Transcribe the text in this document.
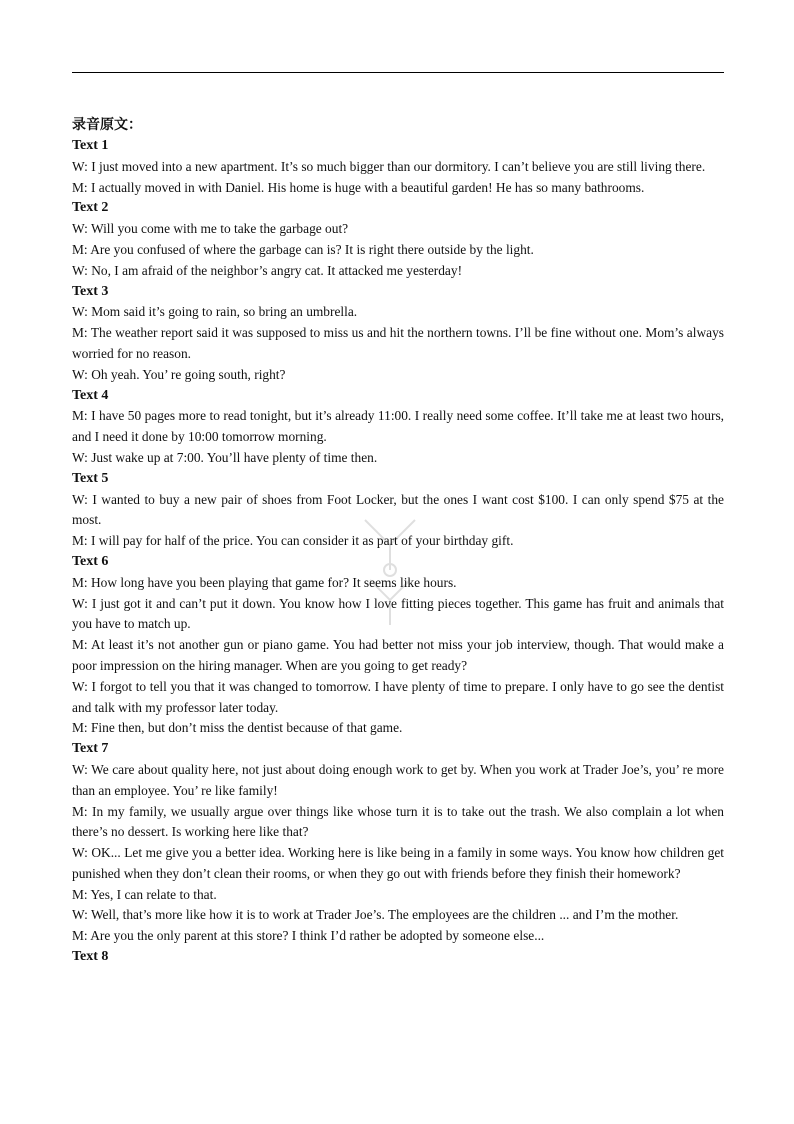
录音原文：

Text 1

W: I just moved into a new apartment. It’s so much bigger than our dormitory. I can’t believe you are still living there.

M: I actually moved in with Daniel. His home is huge with a beautiful garden! He has so many bathrooms.

Text 2

W: Will you come with me to take the garbage out?

M: Are you confused of where the garbage can is? It is right there outside by the light.

W: No, I am afraid of the neighbor’s angry cat. It attacked me yesterday!

Text 3

W: Mom said it’s going to rain, so bring an umbrella.

M: The weather report said it was supposed to miss us and hit the northern towns. I’ll be fine without one. Mom’s always worried for no reason.

W: Oh yeah. You’ re going south, right?

Text 4

M: I have 50 pages more to read tonight, but it’s already 11:00. I really need some coffee. It’ll take me at least two hours, and I need it done by 10:00 tomorrow morning.

W: Just wake up at 7:00. You’ll have plenty of time then.

Text 5

W: I wanted to buy a new pair of shoes from Foot Locker, but the ones I want cost $100. I can only spend $75 at the most.

M: I will pay for half of the price. You can consider it as part of your birthday gift.

Text 6

M: How long have you been playing that game for? It seems like hours.

W: I just got it and can’t put it down. You know how I love fitting pieces together. This game has fruit and animals that you have to match up.

M: At least it’s not another gun or piano game. You had better not miss your job interview, though. That would make a poor impression on the hiring manager. When are you going to get ready?

W: I forgot to tell you that it was changed to tomorrow. I have plenty of time to prepare. I only have to go see the dentist and talk with my professor later today.

M: Fine then, but don’t miss the dentist because of that game.

Text 7

W: We care about quality here, not just about doing enough work to get by. When you work at Trader Joe’s, you’ re more than an employee. You’ re like family!

M: In my family, we usually argue over things like whose turn it is to take out the trash. We also complain a lot when there’s no dessert. Is working here like that?

W: OK... Let me give you a better idea. Working here is like being in a family in some ways. You know how children get punished when they don’t clean their rooms, or when they go out with friends before they finish their homework?

M: Yes, I can relate to that.

W: Well, that’s more like how it is to work at Trader Joe’s. The employees are the children ... and I’m the mother.

M: Are you the only parent at this store? I think I’d rather be adopted by someone else...

Text 8
